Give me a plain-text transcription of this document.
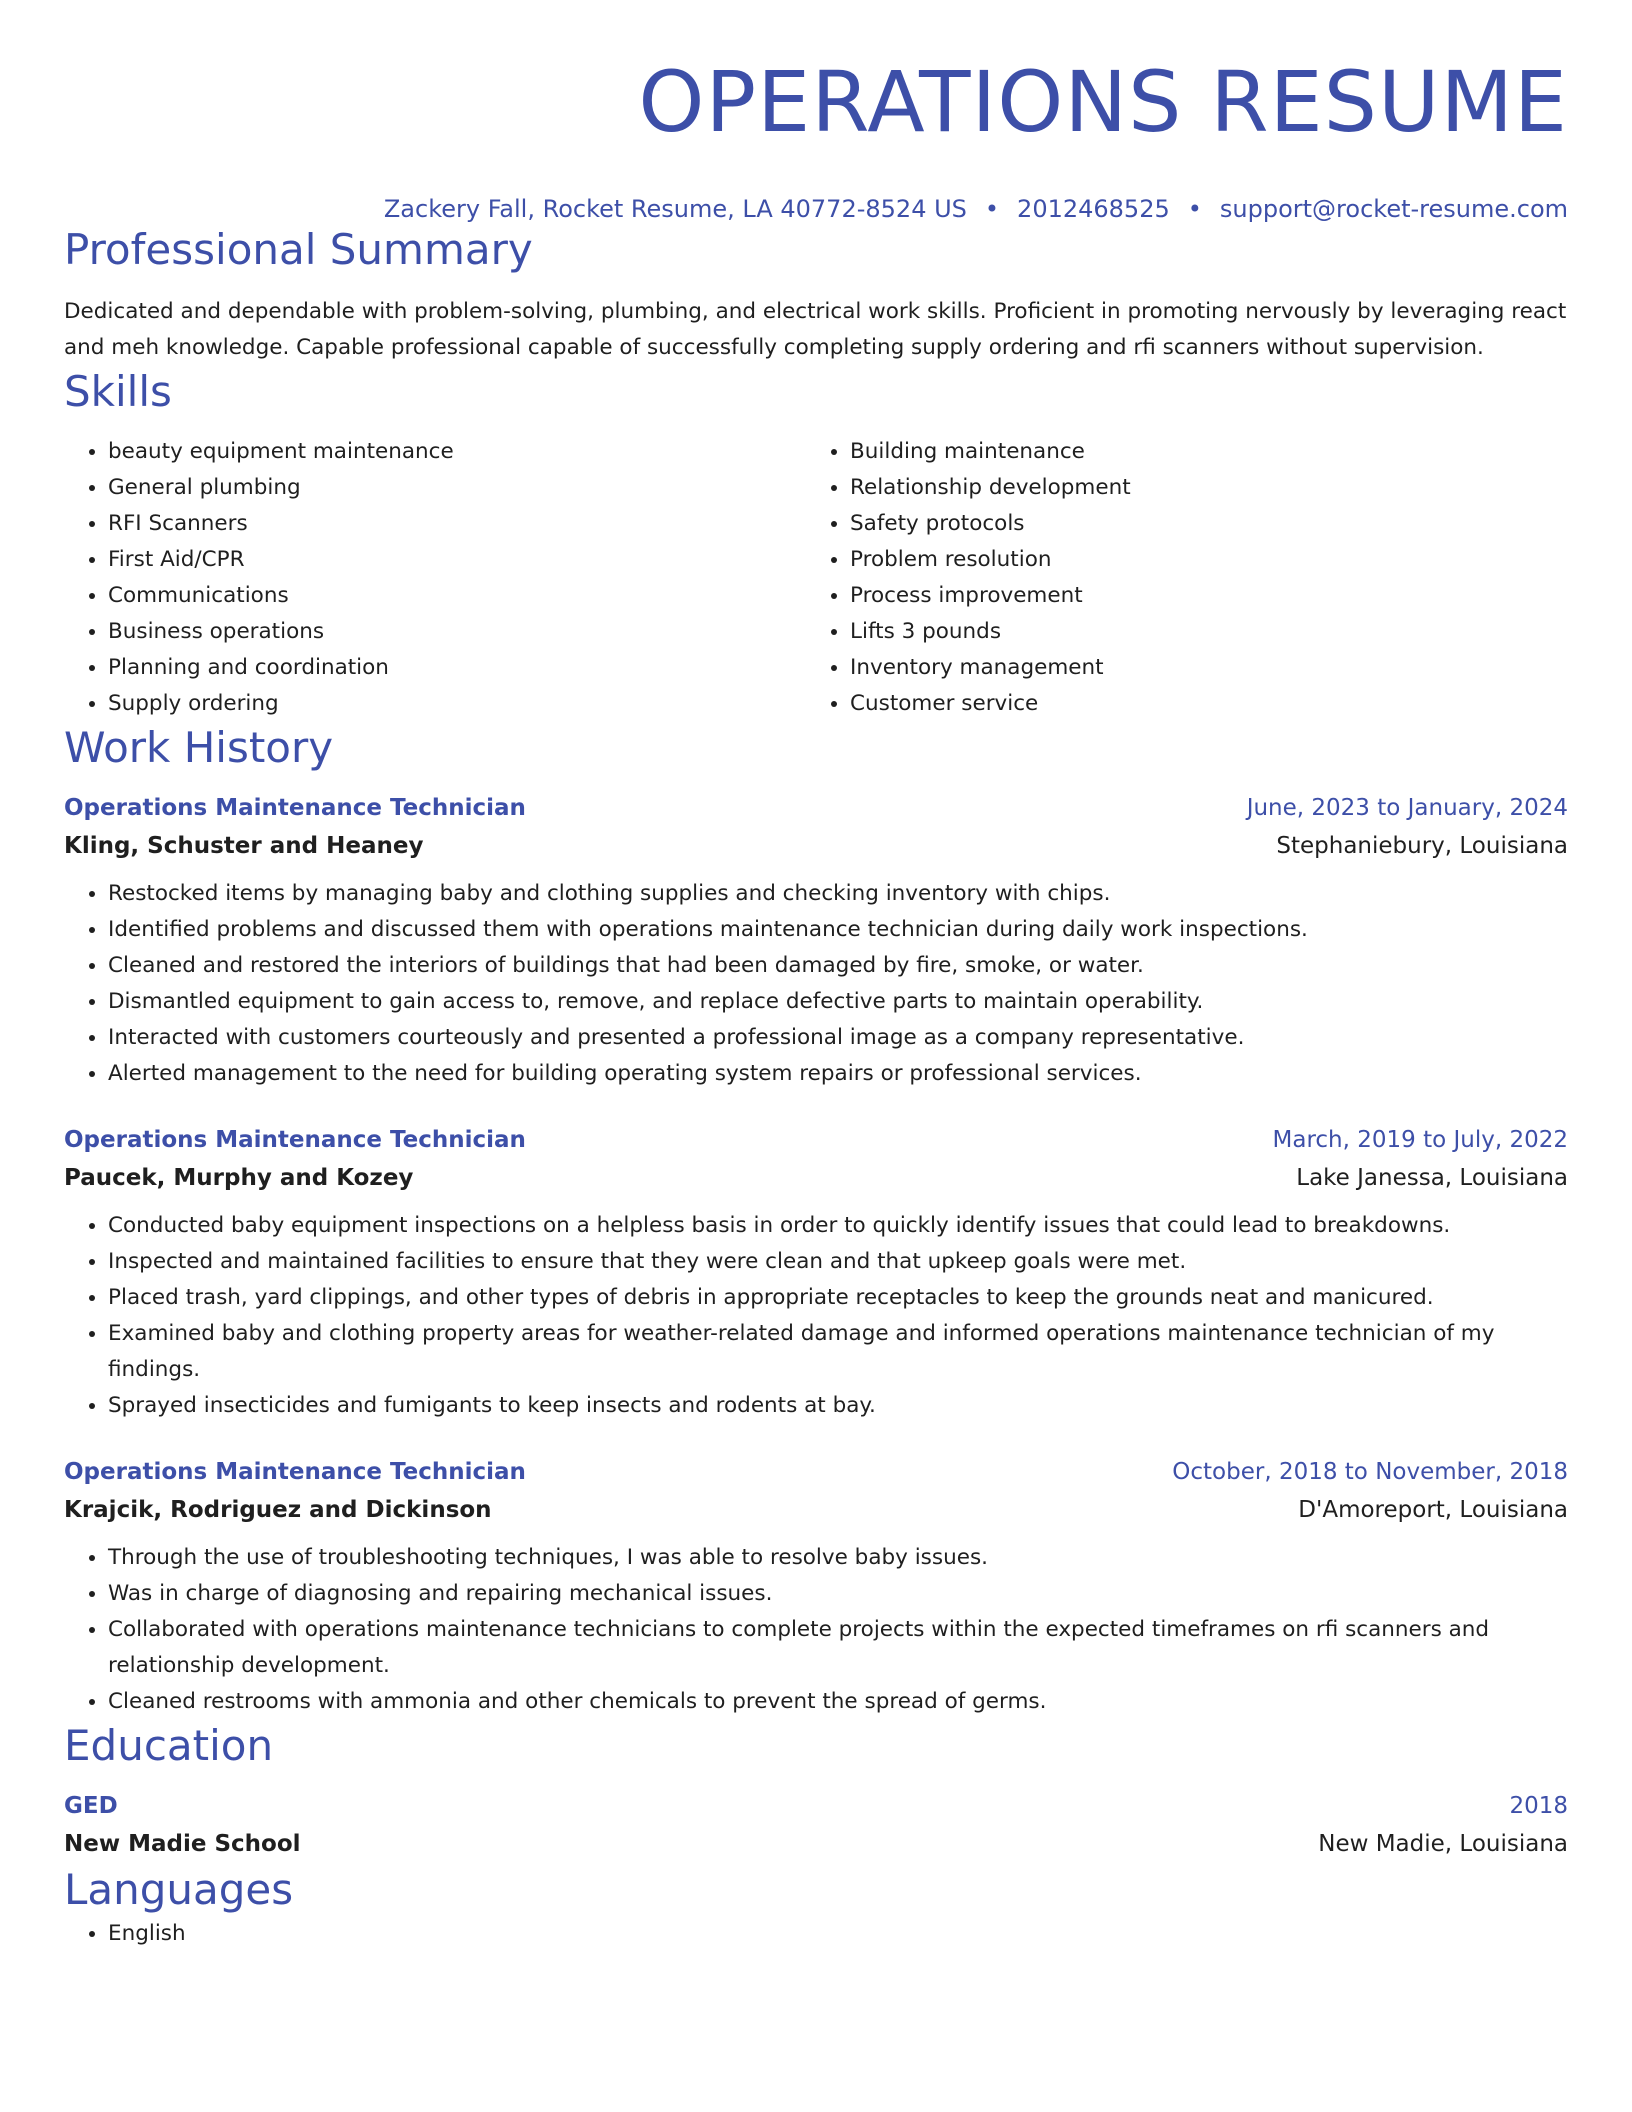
OPERATIONS RESUME
Zackery Fall, Rocket Resume, LA 40772-8524 US • 2012468525 • support@rocket-resume.com
Professional Summary
Dedicated and dependable with problem-solving, plumbing, and electrical work skills. Proficient in promoting nervously by leveraging react and meh knowledge. Capable professional capable of successfully completing supply ordering and rfi scanners without supervision.
Skills
• beauty equipment maintenance
• General plumbing
• RFI Scanners
• First Aid/CPR
• Communications
• Business operations
• Planning and coordination
• Supply ordering
• Building maintenance
• Relationship development
• Safety protocols
• Problem resolution
• Process improvement
• Lifts 3 pounds
• Inventory management
• Customer service
Work History
Operations Maintenance Technician	June, 2023 to January, 2024
Kling, Schuster and Heaney	Stephaniebury, Louisiana
• Restocked items by managing baby and clothing supplies and checking inventory with chips.
• Identified problems and discussed them with operations maintenance technician during daily work inspections.
• Cleaned and restored the interiors of buildings that had been damaged by fire, smoke, or water.
• Dismantled equipment to gain access to, remove, and replace defective parts to maintain operability.
• Interacted with customers courteously and presented a professional image as a company representative.
• Alerted management to the need for building operating system repairs or professional services.
Operations Maintenance Technician	March, 2019 to July, 2022
Paucek, Murphy and Kozey	Lake Janessa, Louisiana
• Conducted baby equipment inspections on a helpless basis in order to quickly identify issues that could lead to breakdowns.
• Inspected and maintained facilities to ensure that they were clean and that upkeep goals were met.
• Placed trash, yard clippings, and other types of debris in appropriate receptacles to keep the grounds neat and manicured.
• Examined baby and clothing property areas for weather-related damage and informed operations maintenance technician of my findings.
• Sprayed insecticides and fumigants to keep insects and rodents at bay.
Operations Maintenance Technician	October, 2018 to November, 2018
Krajcik, Rodriguez and Dickinson	D'Amoreport, Louisiana
• Through the use of troubleshooting techniques, I was able to resolve baby issues.
• Was in charge of diagnosing and repairing mechanical issues.
• Collaborated with operations maintenance technicians to complete projects within the expected timeframes on rfi scanners and relationship development.
• Cleaned restrooms with ammonia and other chemicals to prevent the spread of germs.
Education
GED	2018
New Madie School	New Madie, Louisiana
Languages
• English
